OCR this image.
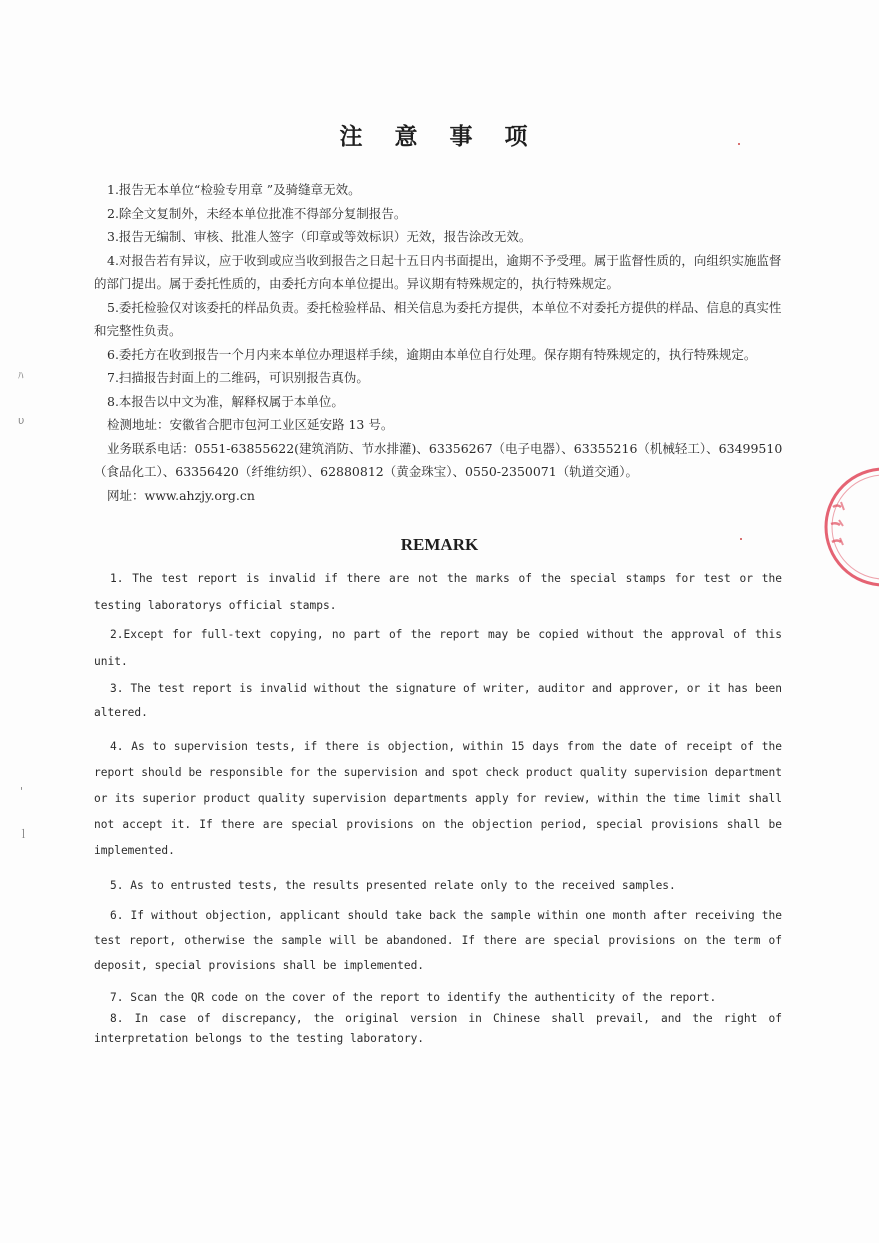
注 意 事 项

1.报告无本单位“检验专用章 ”及骑缝章无效。

2.除全文复制外，未经本单位批准不得部分复制报告。

3.报告无编制、审核、批准人签字（印章或等效标识）无效，报告涂改无效。

4.对报告若有异议，应于收到或应当收到报告之日起十五日内书面提出，逾期不予受理。属于监督性质的，向组织实施监督的部门提出。属于委托性质的，由委托方向本单位提出。异议期有特殊规定的，执行特殊规定。

5.委托检验仅对该委托的样品负责。委托检验样品、相关信息为委托方提供，本单位不对委托方提供的样品、信息的真实性和完整性负责。

6.委托方在收到报告一个月内来本单位办理退样手续，逾期由本单位自行处理。保存期有特殊规定的，执行特殊规定。

7.扫描报告封面上的二维码，可识别报告真伪。

8.本报告以中文为准，解释权属于本单位。

检测地址：安徽省合肥市包河工业区延安路 13 号。

业务联系电话：0551-63855622(建筑消防、节水排灌)、63356267（电子电器）、63355216（机械轻工）、63499510（食品化工）、63356420（纤维纺织）、62880812（黄金珠宝）、0550-2350071（轨道交通）。

网址：www.ahzjy.org.cn

REMARK

1. The test report is invalid if there are not the marks of the special stamps for test or the testing laboratorys official stamps.

2.Except for full-text copying, no part of the report may be copied without the approval of this unit.

3. The test report is invalid without the signature of writer, auditor and approver, or it has been altered.

4. As to supervision tests, if there is objection, within 15 days from the date of receipt of the report should be responsible for the supervision and spot check product quality supervision department or its superior product quality supervision departments apply for review, within the time limit shall not accept it. If there are special provisions on the objection period, special provisions shall be implemented.

5. As to entrusted tests, the results presented relate only to the received samples.

6. If without objection, applicant should take back the sample within one month after receiving the test report, otherwise the sample will be abandoned. If there are special provisions on the term of deposit, special provisions shall be implemented.

7. Scan the QR code on the cover of the report to identify the authenticity of the report.

8. In case of discrepancy, the original version in Chinese shall prevail, and the right of interpretation belongs to the testing laboratory.

ﾊ
υ
'
ｌ
